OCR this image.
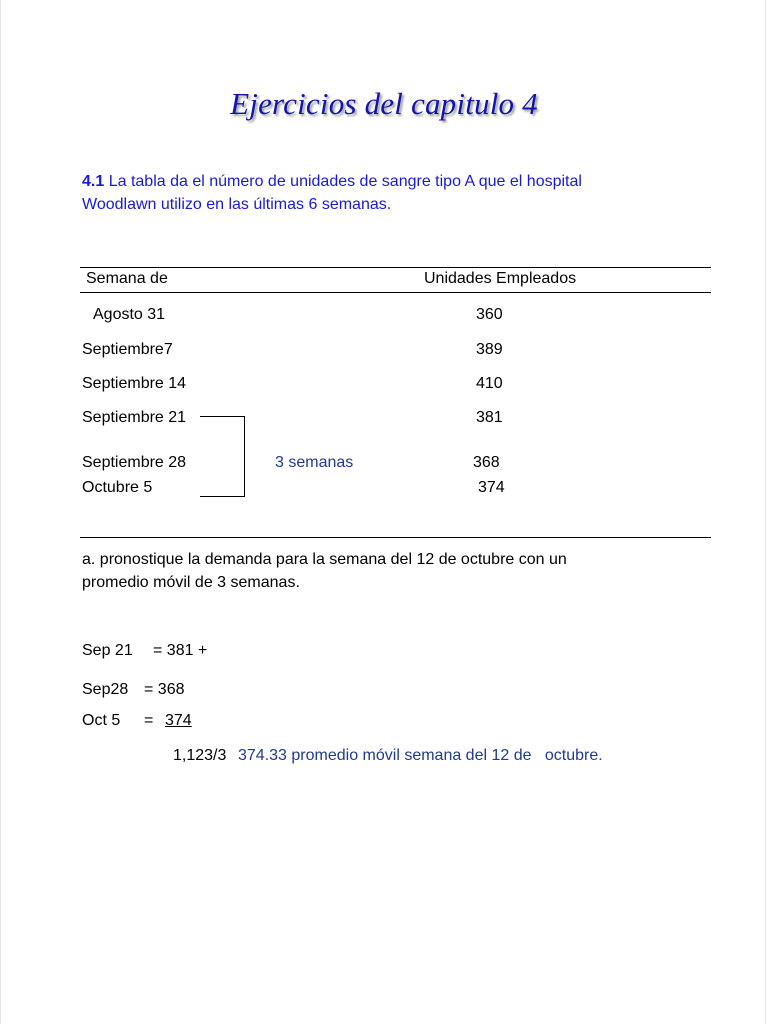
Ejercicios del capitulo 4
4.1 La tabla da el número de unidades de sangre tipo A que el hospital
Woodlawn utilizo en las últimas 6 semanas.
Semana de	Unidades Empleados
Agosto 31	360
Septiembre7	389
Septiembre 14	410
Septiembre 21	381
Septiembre 28	368
Octubre 5	374
3 semanas
a. pronostique la demanda para la semana del 12 de octubre con un
promedio móvil de 3 semanas.
Sep 21 = 381 +
Sep28 = 368
Oct 5 = 374
1,123/3 374.33 promedio móvil semana del 12 de   octubre.
